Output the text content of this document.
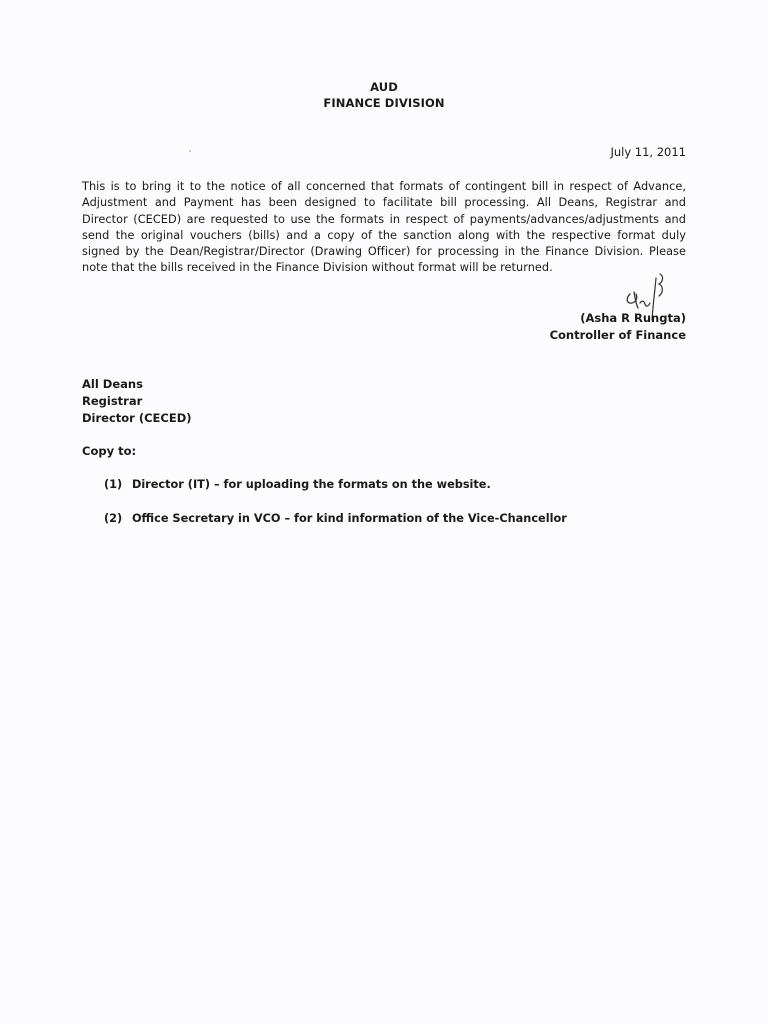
AUD
FINANCE DIVISION
July 11, 2011
This is to bring it to the notice of all concerned that formats of contingent bill in respect of Advance,
Adjustment and Payment has been designed to facilitate bill processing. All Deans, Registrar and
Director (CECED) are requested to use the formats in respect of payments/advances/adjustments and
send the original vouchers (bills) and a copy of the sanction along with the respective format duly
signed by the Dean/Registrar/Director (Drawing Officer) for processing in the Finance Division. Please
note that the bills received in the Finance Division without format will be returned.
(Asha R Rungta)
Controller of Finance
All Deans
Registrar
Director (CECED)
Copy to:
(1) Director (IT) – for uploading the formats on the website.
(2) Office Secretary in VCO – for kind information of the Vice-Chancellor
